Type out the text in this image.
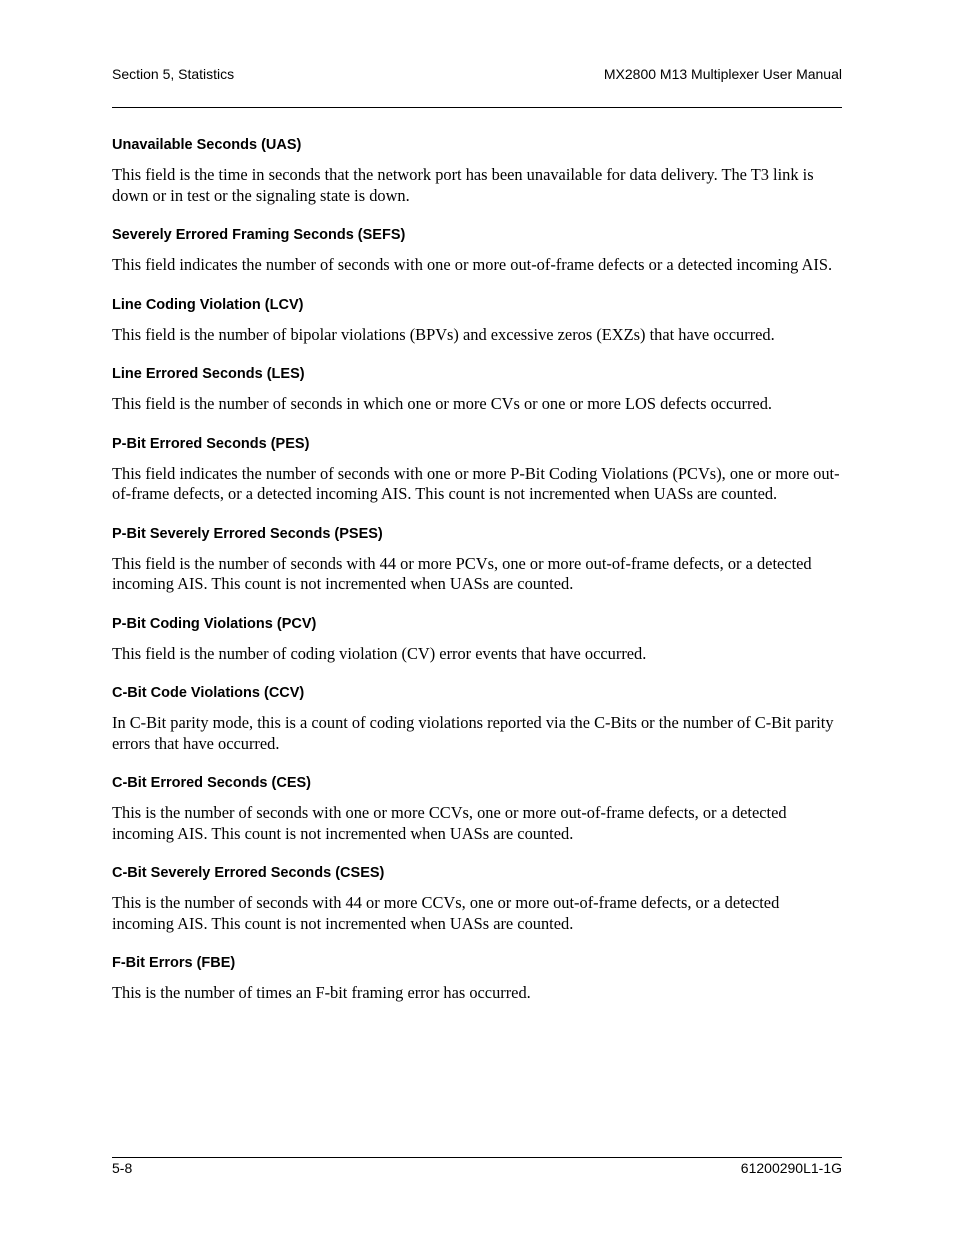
Section 5, Statistics	MX2800 M13 Multiplexer User Manual
Unavailable Seconds (UAS)

This field is the time in seconds that the network port has been unavailable for data delivery. The T3 link is down or in test or the signaling state is down.

Severely Errored Framing Seconds (SEFS)

This field indicates the number of seconds with one or more out-of-frame defects or a detected incoming AIS.

Line Coding Violation (LCV)

This field is the number of bipolar violations (BPVs) and excessive zeros (EXZs) that have occurred.

Line Errored Seconds (LES)

This field is the number of seconds in which one or more CVs or one or more LOS defects occurred.

P-Bit Errored Seconds (PES)

This field indicates the number of seconds with one or more P-Bit Coding Violations (PCVs), one or more out-of-frame defects, or a detected incoming AIS. This count is not incremented when UASs are counted.

P-Bit Severely Errored Seconds (PSES)

This field is the number of seconds with 44 or more PCVs, one or more out-of-frame defects, or a detected incoming AIS. This count is not incremented when UASs are counted.

P-Bit Coding Violations (PCV)

This field is the number of coding violation (CV) error events that have occurred.

C-Bit Code Violations (CCV)

In C-Bit parity mode, this is a count of coding violations reported via the C-Bits or the number of C-Bit parity errors that have occurred.

C-Bit Errored Seconds (CES)

This is the number of seconds with one or more CCVs, one or more out-of-frame defects, or a detected incoming AIS. This count is not incremented when UASs are counted.

C-Bit Severely Errored Seconds (CSES)

This is the number of seconds with 44 or more CCVs, one or more out-of-frame defects, or a detected incoming AIS. This count is not incremented when UASs are counted.

F-Bit Errors (FBE)

This is the number of times an F-bit framing error has occurred.

5-8	61200290L1-1G
